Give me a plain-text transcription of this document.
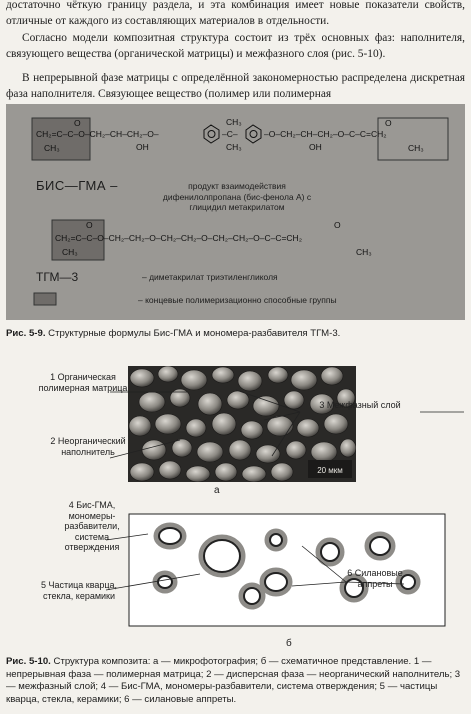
достаточно чёткую границу раздела, и эта комбинация имеет новые показатели свойств, отличные от каждого из составляющих материалов в отдельности.

Согласно модели композитная структура состоит из трёх основных фаз: наполнителя, связующего вещества (органической матрицы) и межфазного слоя (рис. 5-10).

В непрерывной фазе матрицы с определённой закономерностью распределена дискретная фаза наполнителя. Связующее вещество (полимер или полимерная

CH₂=C–C–O–CH₂–CH–CH₂–O–
CH₃
O
OH
–C–
CH₃
CH₃
–O–CH₂–CH–CH₂–O–C–C=CH₂
OH
O
CH₃
CH₂=C–C–O–CH₂–CH₂–O–CH₂–CH₂–O–CH₂–CH₂–O–C–C=CH₂
CH₃
O	O
CH₃
БИС—ГМА –	продукт взаимодействия дифенилолпропана (бис-фенола А) с глицидил метакрилатом
ТГМ—3	– диметакрилат триэтиленгликоля
– концевые полимеризационно способные группы

Рис. 5-9. Структурные формулы Бис-ГМА и мономера-разбавителя ТГМ-3.

20 мкм
1 Органическая полимерная матрица
2 Неорганический наполнитель
3 Межфазный слой
а
4 Бис-ГМА, мономеры-разбавители, система отверждения
5 Частица кварца, стекла, керамики
6 Силановые аппреты
б

Рис. 5-10. Структура композита: а — микрофотография; б — схематичное представление. 1 — непрерывная фаза — полимерная матрица; 2 — дисперсная фаза — неорганический наполнитель; 3 — межфазный слой; 4 — Бис-ГМА, мономеры-разбавители, система отверждения; 5 — частицы кварца, стекла, керамики; 6 — силановые аппреты.
